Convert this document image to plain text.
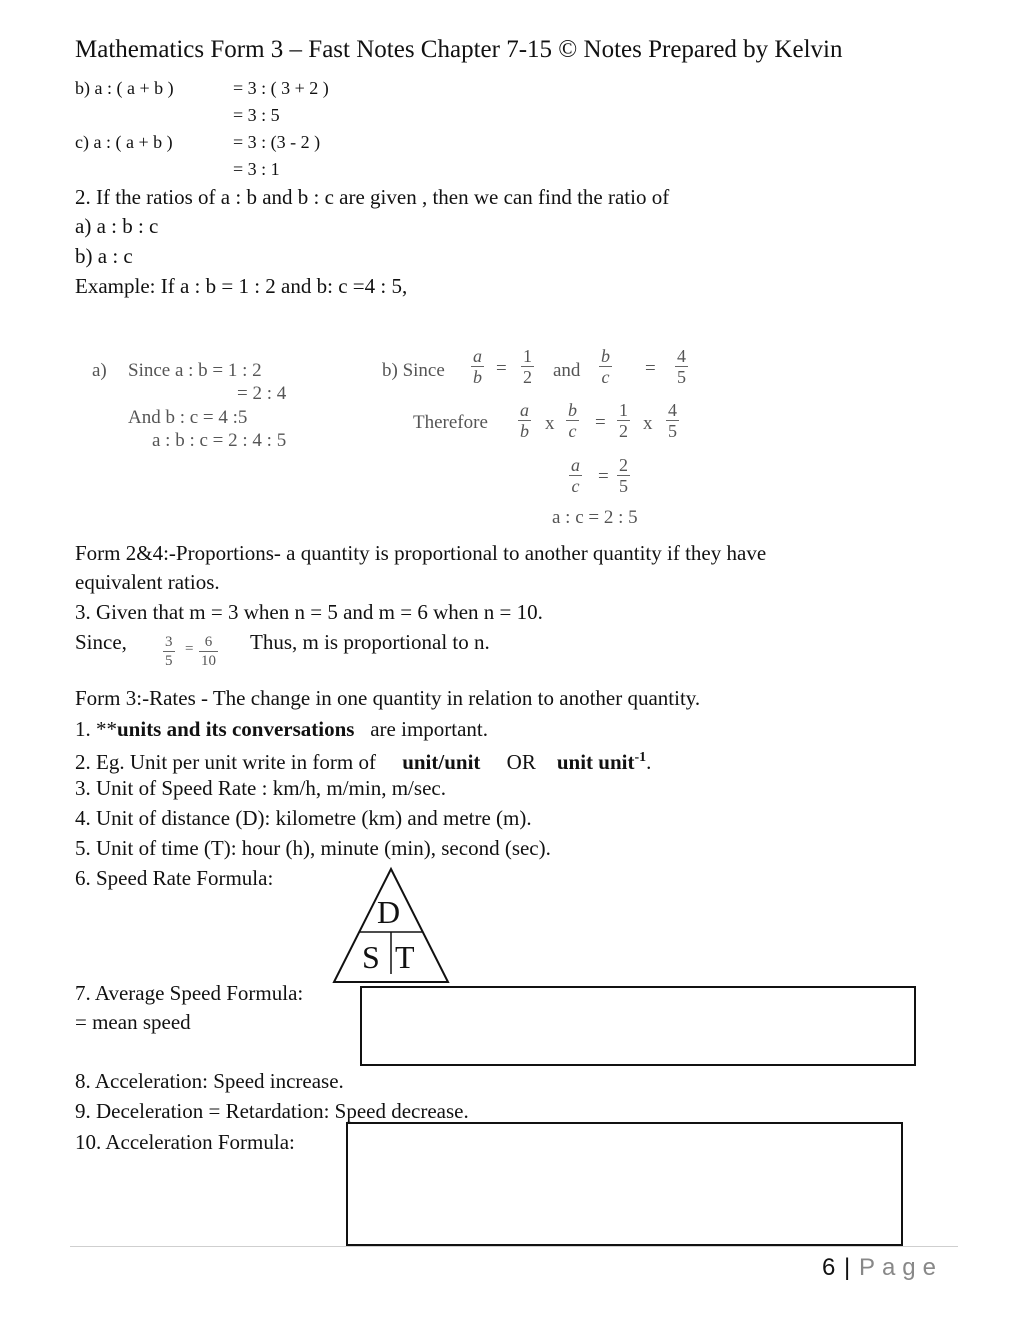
Mathematics Form 3 – Fast Notes Chapter 7-15 © Notes Prepared by Kelvin
b) a : ( a + b )	= 3 : ( 3 + 2 )
= 3 : 5
c) a : ( a + b )	= 3 : (3 - 2 )
= 3 : 1
2. If the ratios of a : b and b : c are given , then we can find the ratio of
a) a : b : c
b) a : c
Example: If a : b = 1 : 2 and b: c =4 : 5,
a) Since a : b = 1 : 2
= 2 : 4
And b : c = 4 :5
a : b : c = 2 : 4 : 5
b) Since $\frac{a}{b} = \frac{1}{2}$ and $\frac{b}{c} = \frac{4}{5}$
Therefore $\frac{a}{b}$ x $\frac{b}{c} = \frac{1}{2}$ x $\frac{4}{5}$
$\frac{a}{c} = \frac{2}{5}$
a : c = 2 : 5
Form 2&4:-Proportions- a quantity is proportional to another quantity if they have
equivalent ratios.
3. Given that m = 3 when n = 5 and m = 6 when n = 10.
Since, $\frac{3}{5} = \frac{6}{10}$ Thus, m is proportional to n.
Form 3:-Rates - The change in one quantity in relation to another quantity.
1. **units and its conversations are important.
2. Eg. Unit per unit write in form of unit/unit OR unit unit$^{-1}$.
3. Unit of Speed Rate : km/h, m/min, m/sec.
4. Unit of distance (D): kilometre (km) and metre (m).
5. Unit of time (T): hour (h), minute (min), second (sec).
6. Speed Rate Formula:
D
S T
7. Average Speed Formula:
= mean speed
8. Acceleration: Speed increase.
9. Deceleration = Retardation: Speed decrease.
10. Acceleration Formula:
6 | Page
